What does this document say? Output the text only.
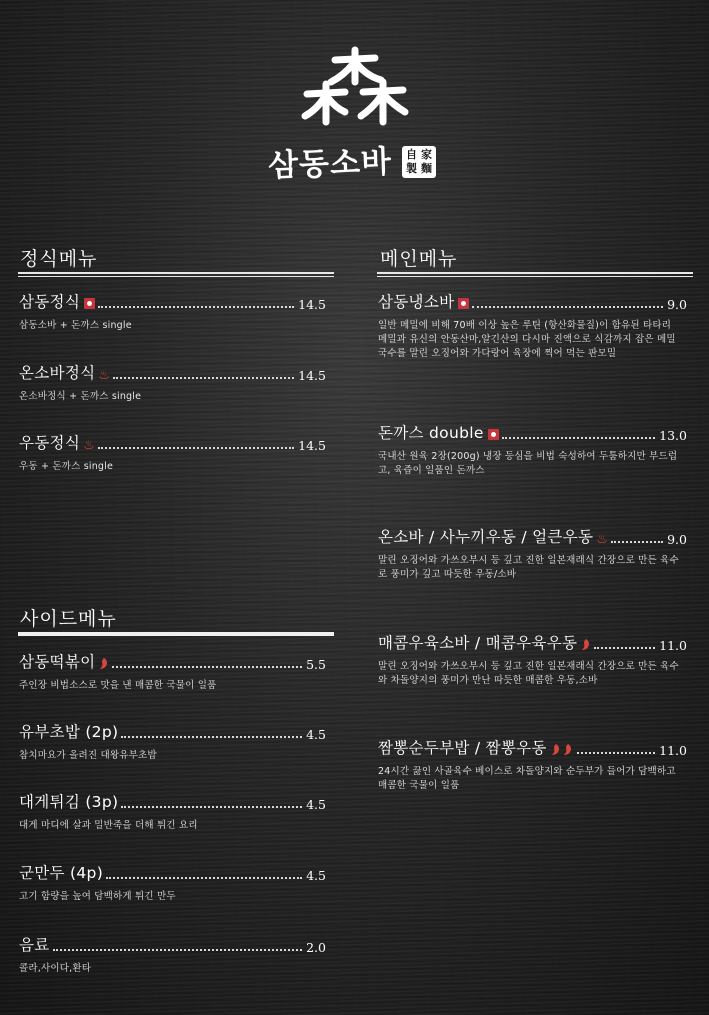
삼동소바 自 家
製 麵
정식메뉴
삼동정식	14.5
삼동소바 + 돈까스 single
온소바정식 ♨	14.5
온소바정식 + 돈까스 single
우동정식 ♨	14.5
우동 + 돈까스 single
사이드메뉴
삼동떡볶이	5.5
주인장 비법소스로 맛을 낸 매콤한 국물이 일품
유부초밥 (2p)	4.5
참치마요가 올려진 대왕유부초밥
대게튀김 (3p)	4.5
대게 마디에 살과 밀반죽을 더해 튀긴 요리
군만두 (4p)	4.5
고기 함량을 높여 담백하게 튀긴 만두
음료	2.0
콜라,사이다,환타
메인메뉴
삼동냉소바	9.0
일반 메밀에 비해 70배 이상 높은 루틴 (항산화물질)이 함유된 타타리 메밀과 유신의 안동산마,알긴산의 다시마 진액으로 식감까지 잡은 메밀국수를 말린 오징어와 가다랑어 육장에 찍어 먹는 판모밀
돈까스 double	13.0
국내산 원육 2장(200g) 냉장 등심을 비법 숙성하여 두툼하지만 부드럽고, 육즙이 일품인 돈까스
온소바 / 사누끼우동 / 얼큰우동 ♨	9.0
말린 오징어와 가쓰오부시 등 깊고 진한 일본재래식 간장으로 만든 육수로 풍미가 깊고 따듯한 우동/소바
매콤우육소바 / 매콤우육우동	11.0
말린 오징어와 가쓰오부시 등 깊고 진한 일본재래식 간장으로 만든 육수와 차돌양지의 풍미가 만난 따듯한 매콤한 우동,소바
짬뽕순두부밥 / 짬뽕우동	11.0
24시간 끓인 사골육수 베이스로 차돌양지와 순두부가 들어가 담백하고 매콤한 국물이 일품
